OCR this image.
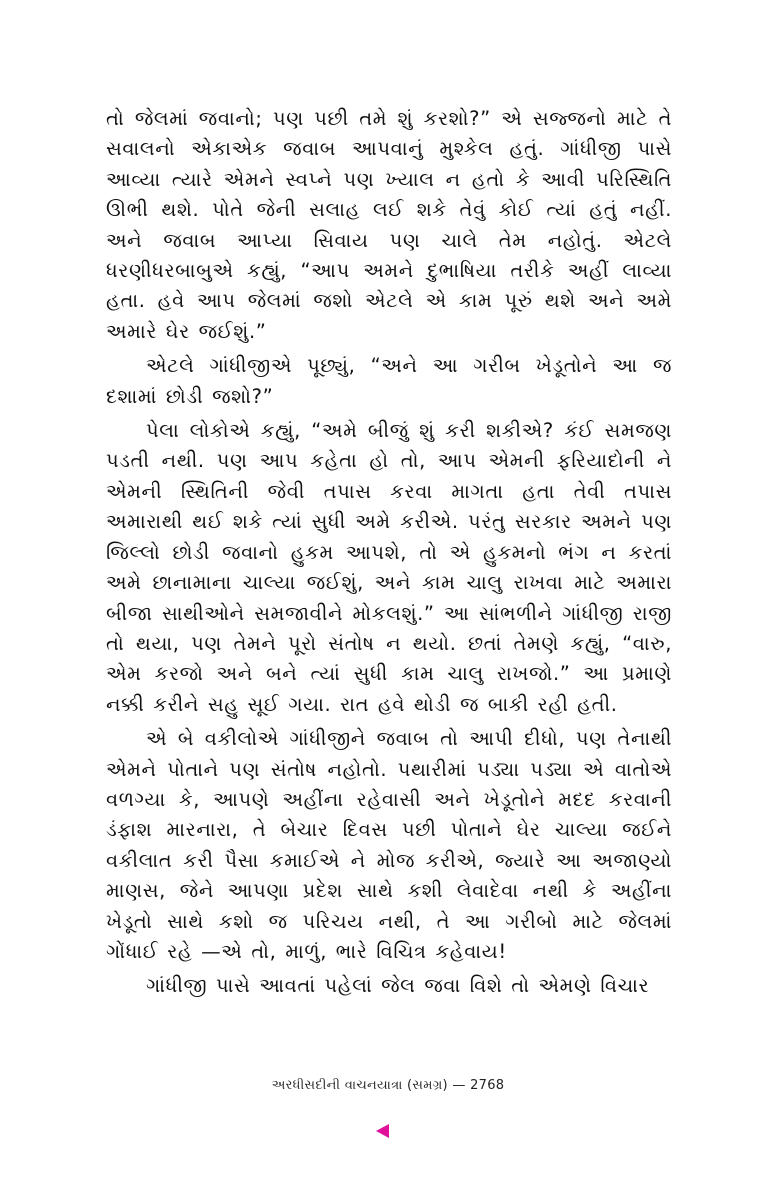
તો જેલમાં જવાનો; પણ પછી તમે શું કરશો?” એ સજ્જનો માટે તે સવાલનો એકાએક જવાબ આપવાનું મુશ્કેલ હતું. ગાંધીજી પાસે આવ્યા ત્યારે એમને સ્વપ્ને પણ ખ્યાલ ન હતો કે આવી પરિસ્થિતિ ઊભી થશે. પોતે જેની સલાહ લઈ શકે તેવું કોઈ ત્યાં હતું નહીં. અને જવાબ આપ્યા સિવાય પણ ચાલે તેમ નહોતું. એટલે ધરણીધરબાબુએ કહ્યું, “આપ અમને દુભાષિયા તરીકે અહીં લાવ્યા હતા. હવે આપ જેલમાં જશો એટલે એ કામ પૂરું થશે અને અમે અમારે ઘેર જઈશું.”

એટલે ગાંધીજીએ પૂછ્યું, “અને આ ગરીબ ખેડૂતોને આ જ દશામાં છોડી જશો?”

પેલા લોકોએ કહ્યું, “અમે બીજું શું કરી શકીએ? કંઈ સમજણ પડતી નથી. પણ આપ કહેતા હો તો, આપ એમની ફરિયાદોની ને એમની સ્થિતિની જેવી તપાસ કરવા માગતા હતા તેવી તપાસ અમારાથી થઈ શકે ત્યાં સુધી અમે કરીએ. પરંતુ સરકાર અમને પણ જિલ્લો છોડી જવાનો હુકમ આપશે, તો એ હુકમનો ભંગ ન કરતાં અમે છાનામાના ચાલ્યા જઈશું, અને કામ ચાલુ રાખવા માટે અમારા બીજા સાથીઓને સમજાવીને મોકલશું.” આ સાંભળીને ગાંધીજી રાજી તો થયા, પણ તેમને પૂરો સંતોષ ન થયો. છતાં તેમણે કહ્યું, “વારુ, એમ કરજો અને બને ત્યાં સુધી કામ ચાલુ રાખજો.” આ પ્રમાણે નક્કી કરીને સહુ સૂઈ ગયા. રાત હવે થોડી જ બાકી રહી હતી.

એ બે વકીલોએ ગાંધીજીને જવાબ તો આપી દીધો, પણ તેનાથી એમને પોતાને પણ સંતોષ નહોતો. પથારીમાં પડ્યા પડ્યા એ વાતોએ વળગ્યા કે, આપણે અહીંના રહેવાસી અને ખેડૂતોને મદદ કરવાની ડંફાશ મારનારા, તે બેચાર દિવસ પછી પોતાને ઘેર ચાલ્યા જઈને વકીલાત કરી પૈસા કમાઈએ ને મોજ કરીએ, જ્યારે આ અજાણ્યો માણસ, જેને આપણા પ્રદેશ સાથે કશી લેવાદેવા નથી કે અહીંના ખેડૂતો સાથે કશો જ પરિચય નથી, તે આ ગરીબો માટે જેલમાં ગોંધાઈ રહે —એ તો, માળું, ભારે વિચિત્ર કહેવાય!

ગાંધીજી પાસે આવતાં પહેલાં જેલ જવા વિશે તો એમણે વિચાર

અરધીસદીની વાચનયાત્રા (સમગ્ર) — 2768
